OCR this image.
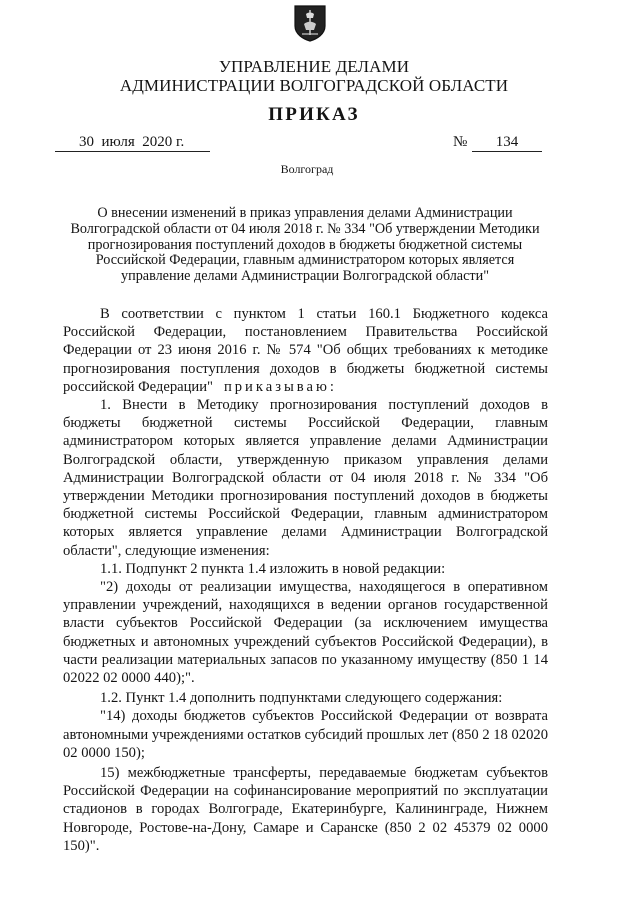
УПРАВЛЕНИЕ ДЕЛАМИ
АДМИНИСТРАЦИИ ВОЛГОГРАДСКОЙ ОБЛАСТИ
ПРИКАЗ
30  июля  2020 г.	№	134
Волгоград
О внесении изменений в приказ управления делами Администрации Волгоградской области от 04 июля 2018 г. № 334 "Об утверждении Методики прогнозирования поступлений доходов в бюджеты бюджетной системы Российской Федерации, главным администратором которых является управление делами Администрации Волгоградской области"

В соответствии с пунктом 1 статьи 160.1 Бюджетного кодекса Российской Федерации, постановлением Правительства Российской Федерации от 23 июня 2016 г. № 574 "Об общих требованиях к методике прогнозирования поступления доходов в бюджеты бюджетной системы российской Федерации" приказываю:

1. Внести в Методику прогнозирования поступлений доходов в бюджеты бюджетной системы Российской Федерации, главным администратором которых является управление делами Администрации Волгоградской области, утвержденную приказом управления делами Администрации Волгоградской области от 04 июля 2018 г. № 334 "Об утверждении Методики прогнозирования поступлений доходов в бюджеты бюджетной системы Российской Федерации, главным администратором которых является управление делами Администрации Волгоградской области", следующие изменения:

1.1. Подпункт 2 пункта 1.4 изложить в новой редакции:

"2) доходы от реализации имущества, находящегося в оперативном управлении учреждений, находящихся в ведении органов государственной власти субъектов Российской Федерации (за исключением имущества бюджетных и автономных учреждений субъектов Российской Федерации), в части реализации материальных запасов по указанному имуществу (850 1 14 02022 02 0000 440);".

1.2. Пункт 1.4 дополнить подпунктами следующего содержания:

"14) доходы бюджетов субъектов Российской Федерации от возврата автономными учреждениями остатков субсидий прошлых лет (850 2 18 02020 02 0000 150);

15) межбюджетные трансферты, передаваемые бюджетам субъектов Российской Федерации на софинансирование мероприятий по эксплуатации стадионов в городах Волгограде, Екатеринбурге, Калининграде, Нижнем Новгороде, Ростове-на-Дону, Самаре и Саранске (850 2 02 45379 02 0000 150)".
